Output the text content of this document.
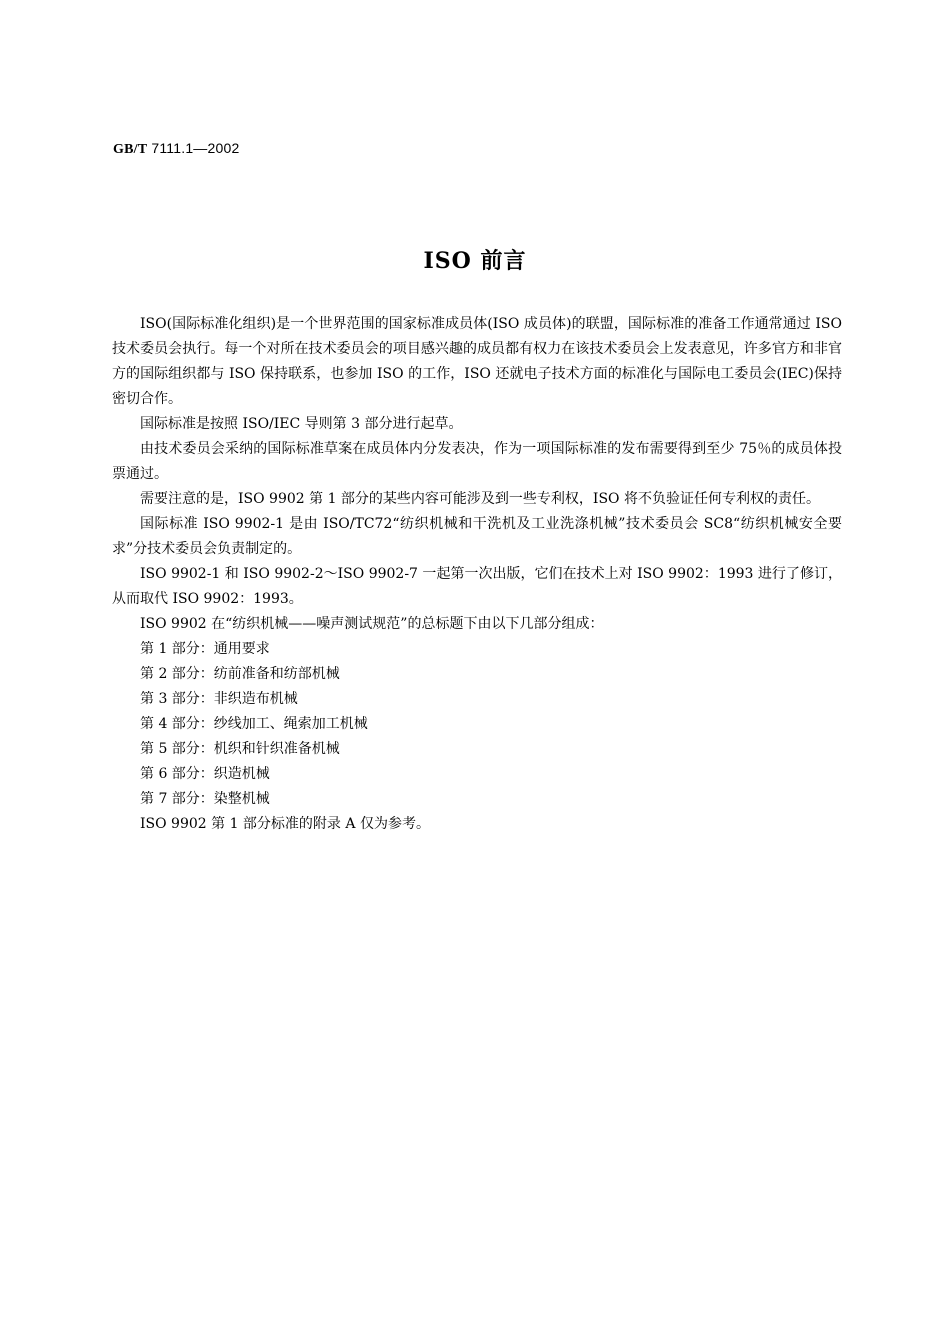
GB/T 7111.1—2002
ISO 前言

ISO(国际标准化组织)是一个世界范围的国家标准成员体(ISO 成员体)的联盟，国际标准的准备工作通常通过 ISO 技术委员会执行。每一个对所在技术委员会的项目感兴趣的成员都有权力在该技术委员会上发表意见，许多官方和非官方的国际组织都与 ISO 保持联系，也参加 ISO 的工作，ISO 还就电子技术方面的标准化与国际电工委员会(IEC)保持密切合作。

国际标准是按照 ISO/IEC 导则第 3 部分进行起草。

由技术委员会采纳的国际标准草案在成员体内分发表决，作为一项国际标准的发布需要得到至少 75％的成员体投票通过。

需要注意的是，ISO 9902 第 1 部分的某些内容可能涉及到一些专利权，ISO 将不负验证任何专利权的责任。

国际标准 ISO 9902-1 是由 ISO/TC72“纺织机械和干洗机及工业洗涤机械”技术委员会 SC8“纺织机械安全要求”分技术委员会负责制定的。

ISO 9902-1 和 ISO 9902-2～ISO 9902-7 一起第一次出版，它们在技术上对 ISO 9902：1993 进行了修订，从而取代 ISO 9902：1993。

ISO 9902 在“纺织机械——噪声测试规范”的总标题下由以下几部分组成：

第 1 部分：通用要求
第 2 部分：纺前准备和纺部机械
第 3 部分：非织造布机械
第 4 部分：纱线加工、绳索加工机械
第 5 部分：机织和针织准备机械
第 6 部分：织造机械
第 7 部分：染整机械

ISO 9902 第 1 部分标准的附录 A 仅为参考。
